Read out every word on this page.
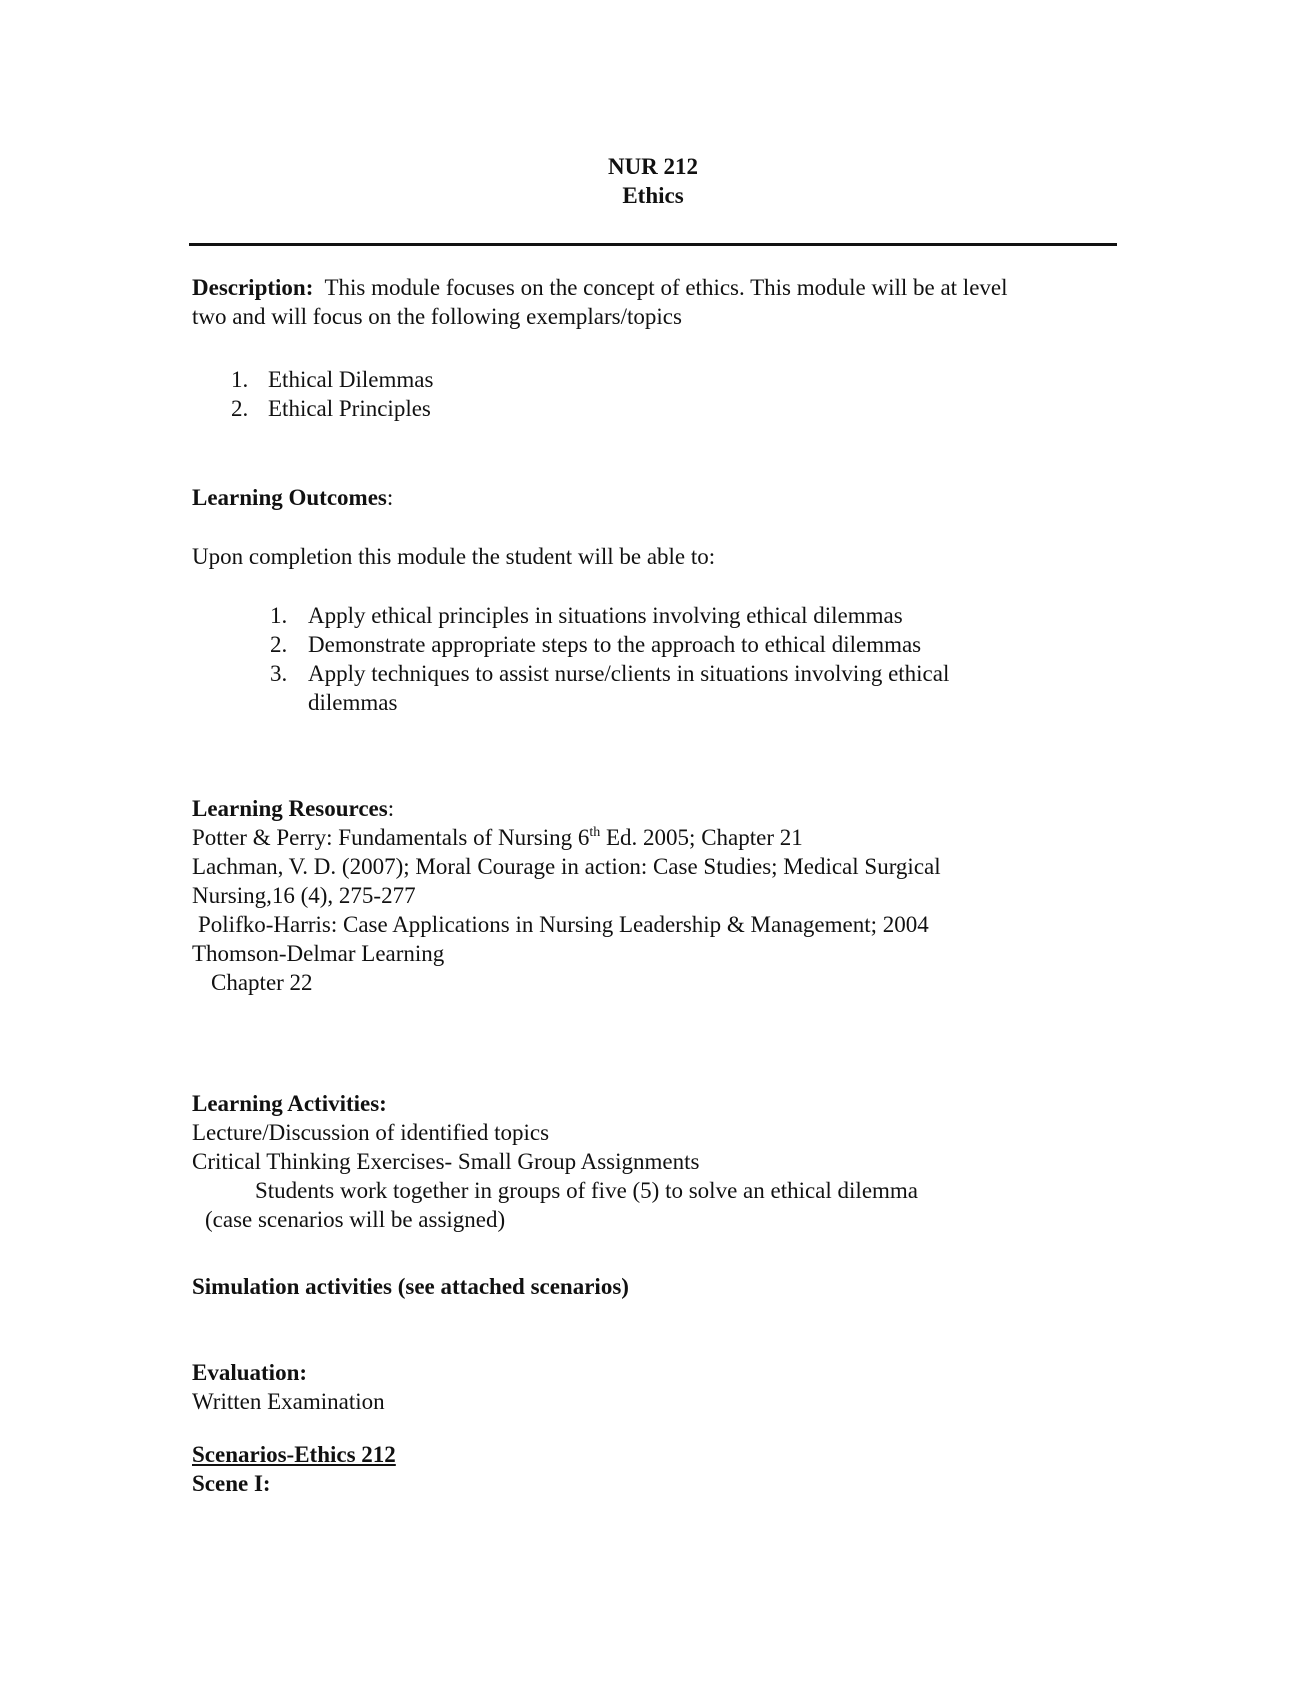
NUR 212
Ethics
Description: This module focuses on the concept of ethics. This module will be at level
two and will focus on the following exemplars/topics
1. Ethical Dilemmas
2. Ethical Principles
Learning Outcomes:
Upon completion this module the student will be able to:
1. Apply ethical principles in situations involving ethical dilemmas
2. Demonstrate appropriate steps to the approach to ethical dilemmas
3. Apply techniques to assist nurse/clients in situations involving ethical
dilemmas
Learning Resources:
Potter & Perry: Fundamentals of Nursing 6th Ed. 2005; Chapter 21
Lachman, V. D. (2007); Moral Courage in action: Case Studies; Medical Surgical
Nursing,16 (4), 275-277
Polifko-Harris: Case Applications in Nursing Leadership & Management; 2004
Thomson-Delmar Learning
Chapter 22
Learning Activities:
Lecture/Discussion of identified topics
Critical Thinking Exercises- Small Group Assignments
Students work together in groups of five (5) to solve an ethical dilemma
(case scenarios will be assigned)
Simulation activities (see attached scenarios)
Evaluation:
Written Examination
Scenarios-Ethics 212
Scene I:
